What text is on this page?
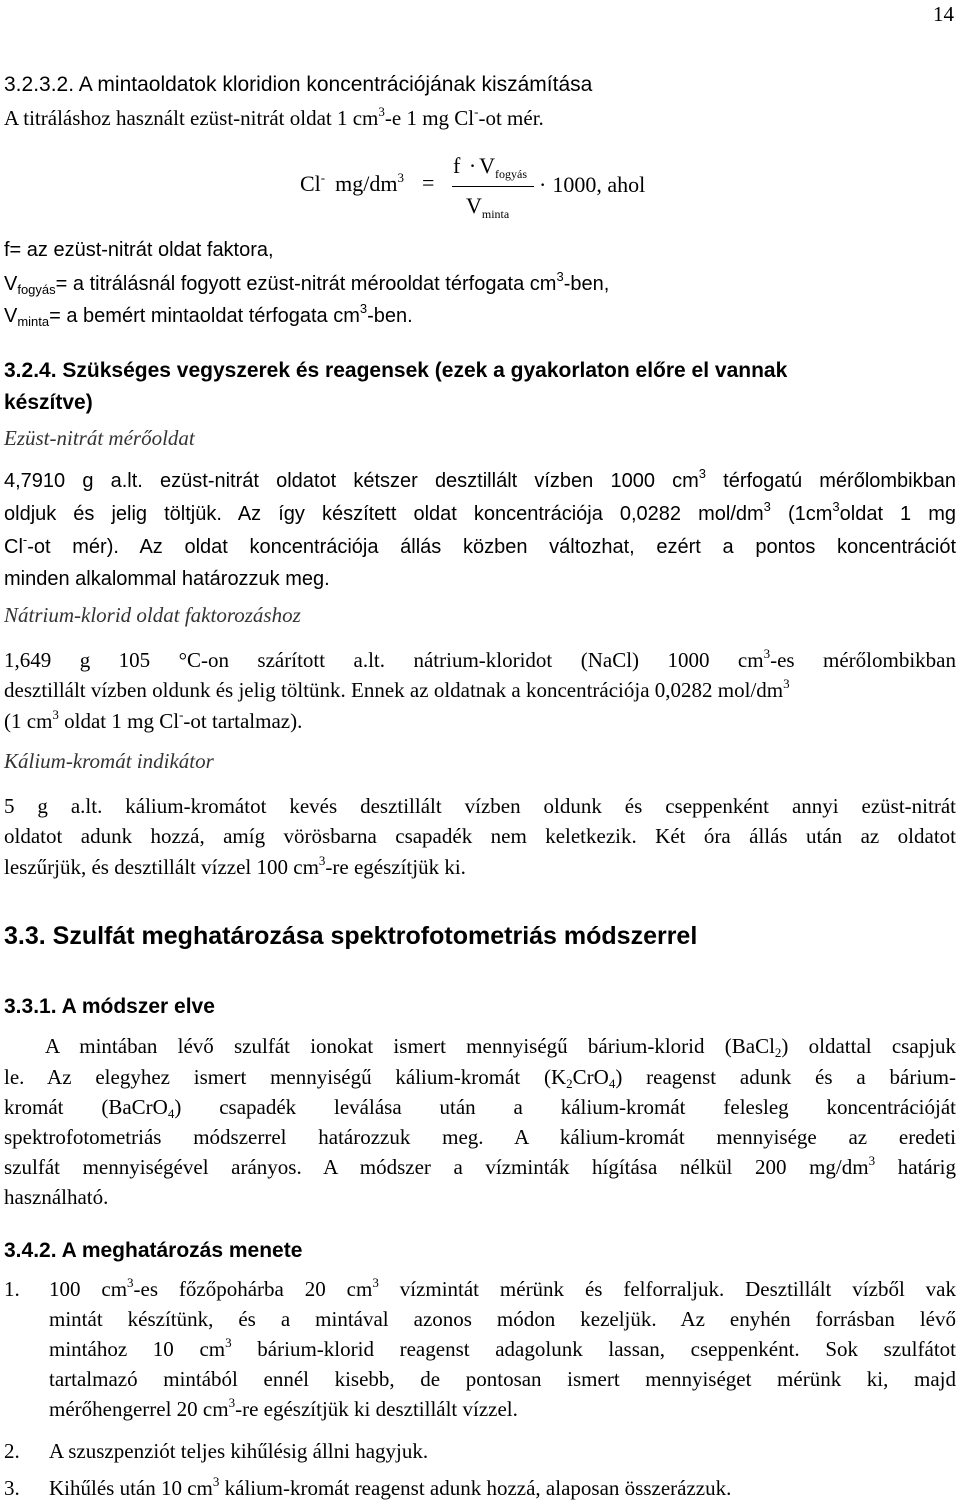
14
3.2.3.2. A mintaoldatok kloridion koncentrációjának kiszámítása
A titráláshoz használt ezüst-nitrát oldat 1 $cm^3-e$ 1 mg Cl--ot mér.
Cl- $mg/dm^3$ =
$f \cdot V_{fogyás}$
$V_{minta}$
· 1000, ahol
f= az ezüst-nitrát oldat faktora,
$V_{fogyás}= a$ titrálásnál fogyott ezüst-nitrát mérooldat térfogata $cm^3$-ben,
$V_{minta}= a$ bemért mintaoldat térfogata $cm^3$-ben.
3.2.4. Szükséges vegyszerek és reagensek (ezek a gyakorlaton előre el vannak
készítve)
Ezüst-nitrát mérőoldat
4,7910 g a.lt. ezüst-nitrát oldatot kétszer desztillált vízben 1000 $cm^3$ térfogatú mérőlombikban
oldjuk és jelig töltjük. Az így készített oldat koncentrációja 0,0282 mol/$dm^3$ ($1cm^3oldat$ 1 mg
Cl--ot mér). Az oldat koncentrációja állás közben változhat, ezért a pontos koncentrációt
minden alkalommal határozzuk meg.
Nátrium-klorid oldat faktorozáshoz
1,649 g 105 °C-on szárított a.lt. nátrium-kloridot (NaCl) 1000 $cm^3-es$ mérőlombikban
desztillált vízben oldunk és jelig töltünk. Ennek az oldatnak a koncentrációja 0,0282 mol/$dm^3$
(1 $cm^3$ oldat 1 mg Cl--ot tartalmaz).
Kálium-kromát indikátor
5 g a.lt. kálium-kromátot kevés desztillált vízben oldunk és cseppenként annyi ezüst-nitrát
oldatot adunk hozzá, amíg vörösbarna csapadék nem keletkezik. Két óra állás után az oldatot
leszűrjük, és desztillált vízzel 100 $cm^3-re$ egészítjük ki.
3.3. Szulfát meghatározása spektrofotometriás módszerrel
3.3.1. A módszer elve
A mintában lévő szulfát ionokat ismert mennyiségű bárium-klorid (BaCl$_2$) oldattal csapjuk
le. Az elegyhez ismert mennyiségű kálium-kromát $(K_2CrO_4)$ reagenst adunk és a bárium-
kromát (BaCrO$_4$) csapadék leválása után a kálium-kromát felesleg koncentrációját
spektrofotometriás módszerrel határozzuk meg. A kálium-kromát mennyisége az eredeti
szulfát mennyiségével arányos. A módszer a vízminták hígítása nélkül 200 $mg/dm^3$ határig
használható.
3.4.2. A meghatározás menete
1. 100 $cm^3-es$ főzőpohárba 20 $cm^3$ vízmintát mérünk és felforraljuk. Desztillált vízből vak
mintát készítünk, és a mintával azonos módon kezeljük. Az enyhén forrásban lévő
mintához 10 $cm^3$ bárium-klorid reagenst adagolunk lassan, cseppenként. Sok szulfátot
tartalmazó mintából ennél kisebb, de pontosan ismert mennyiséget mérünk ki, majd
mérőhengerrel 20 $cm^3-re$ egészítjük ki desztillált vízzel.
2. A szuszpenziót teljes kihűlésig állni hagyjuk.
3. Kihűlés után 10 $cm^3$ kálium-kromát reagenst adunk hozzá, alaposan összerázzuk.
